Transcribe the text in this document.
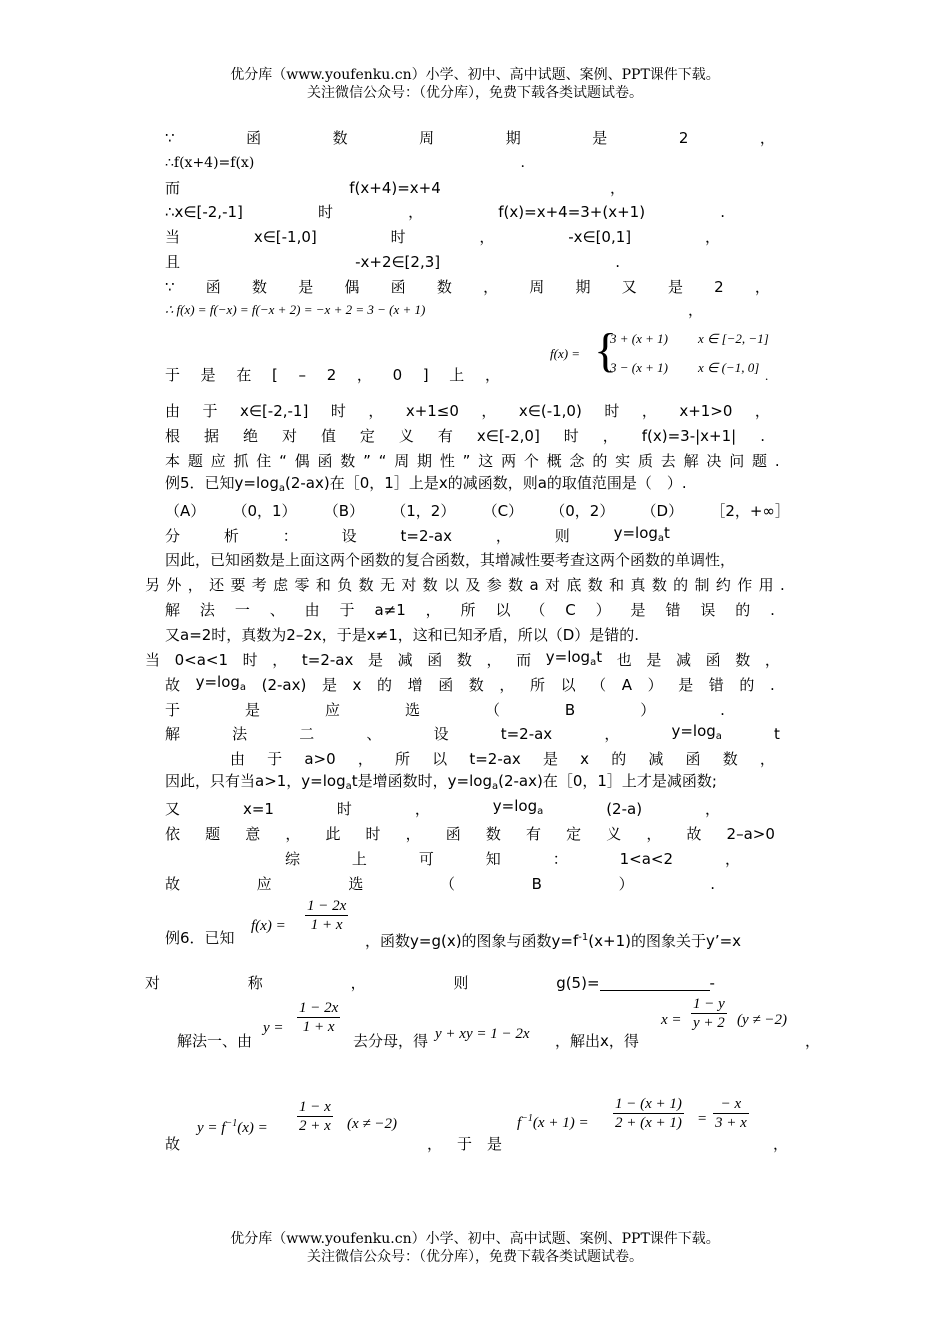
优分库（www.youfenku.cn）小学、初中、高中试题、案例、PPT课件下载。
关注微信公众号：（优分库），免费下载各类试题试卷。
∵	函	数	周	期	是	2	，
∴f(x+4)=f(x)	.
而	f(x+4)=x+4	，
∴x∈[-2,-1]	时	，	f(x)=x+4=3+(x+1)	.
当	x∈[-1,0]	时	，	-x∈[0,1]	，
且	-x+2∈[2,3]	.
∵ 函 数 是 偶 函 数 ， 周 期 又 是 2 ，
∴ f(x) = f(−x) = f(−x + 2) = −x + 2 = 3 − (x + 1)	，
于 是 在 [ – 2 ， 0 ] 上 ，
f(x) = {
3 + (x + 1) x ∈ [−2, −1]
3 − (x + 1) x ∈ (−1, 0]
.
由 于 x∈[-2,-1] 时 ， x+1≤0 ， x∈(-1,0) 时 ， x+1>0 ，
根 据 绝 对 值 定 义 有 x∈[-2,0] 时 ， f(x)=3-|x+1| .
本 题 应 抓 住 “ 偶 函 数 ” “ 周 期 性 ” 这 两 个 概 念 的 实 质 去 解 决 问 题 .
例5．已知y=loga(2-ax)在［0，1］上是x的减函数，则a的取值范围是（　）.
（A） （0，1） （B） （1，2） （C） （0，2） （D） ［2，+∞］
分	析	：	设	t=2-ax	，	则	y=logat
因此，已知函数是上面这两个函数的复合函数，其增减性要考查这两个函数的单调性，
另 外 ， 还 要 考 虑 零 和 负 数 无 对 数 以 及 参 数 a 对 底 数 和 真 数 的 制 约 作 用 .
解 法 一 、 由 于 a≠1 ， 所 以 （ C ） 是 错 误 的 .
又a=2时，真数为2–2x，于是x≠1，这和已知矛盾，所以（D）是错的.
当 0<a<1 时 ， t=2-ax 是 减 函 数 ， 而 y=logat 也 是 减 函 数 ，
故 y=loga (2-ax) 是 x 的 增 函 数 ， 所 以 （ A ） 是 错 的 .
于	是	应	选	（	B	）	.
解	法	二	、	设	t=2-ax	，	y=loga	t
由 于 a>0 ， 所 以 t=2-ax 是 x 的 减 函 数 ，
因此，只有当a>1，y=logat是增函数时，y=loga(2-ax)在［0，1］上才是减函数;
又	x=1	时	，	y=loga	(2-a)	，
依 题 意 ， 此 时 ， 函 数 有 定 义 ， 故 2–a>0
综	上	可	知	：	1<a<2	，
故	应	选	（	B	）	.
例6．已知
$f(x) = \frac{1 - 2x}{1 + x}$
，函数y=g(x)的图象与函数$y=f^{-1}(x+1)$的图象关于y’=x
对	称	，	则	g(5)=	-
解法一、由
$y = \frac{1 - 2x}{1 + x}$
去分母，得 y + xy = 1 − 2x ，解出x，得
$x = \frac{1 - y}{y + 2} (y \ne -2)$
，
故
$y = f^{-1}(x) = \frac{1 - x}{2 + x} (x \ne -2)$
， 于 是
$f^{-1}(x + 1) = \frac{1 - (x + 1)}{2 + (x + 1)} = \frac{- x}{3 + x}$
，
优分库（www.youfenku.cn）小学、初中、高中试题、案例、PPT课件下载。
关注微信公众号：（优分库），免费下载各类试题试卷。
